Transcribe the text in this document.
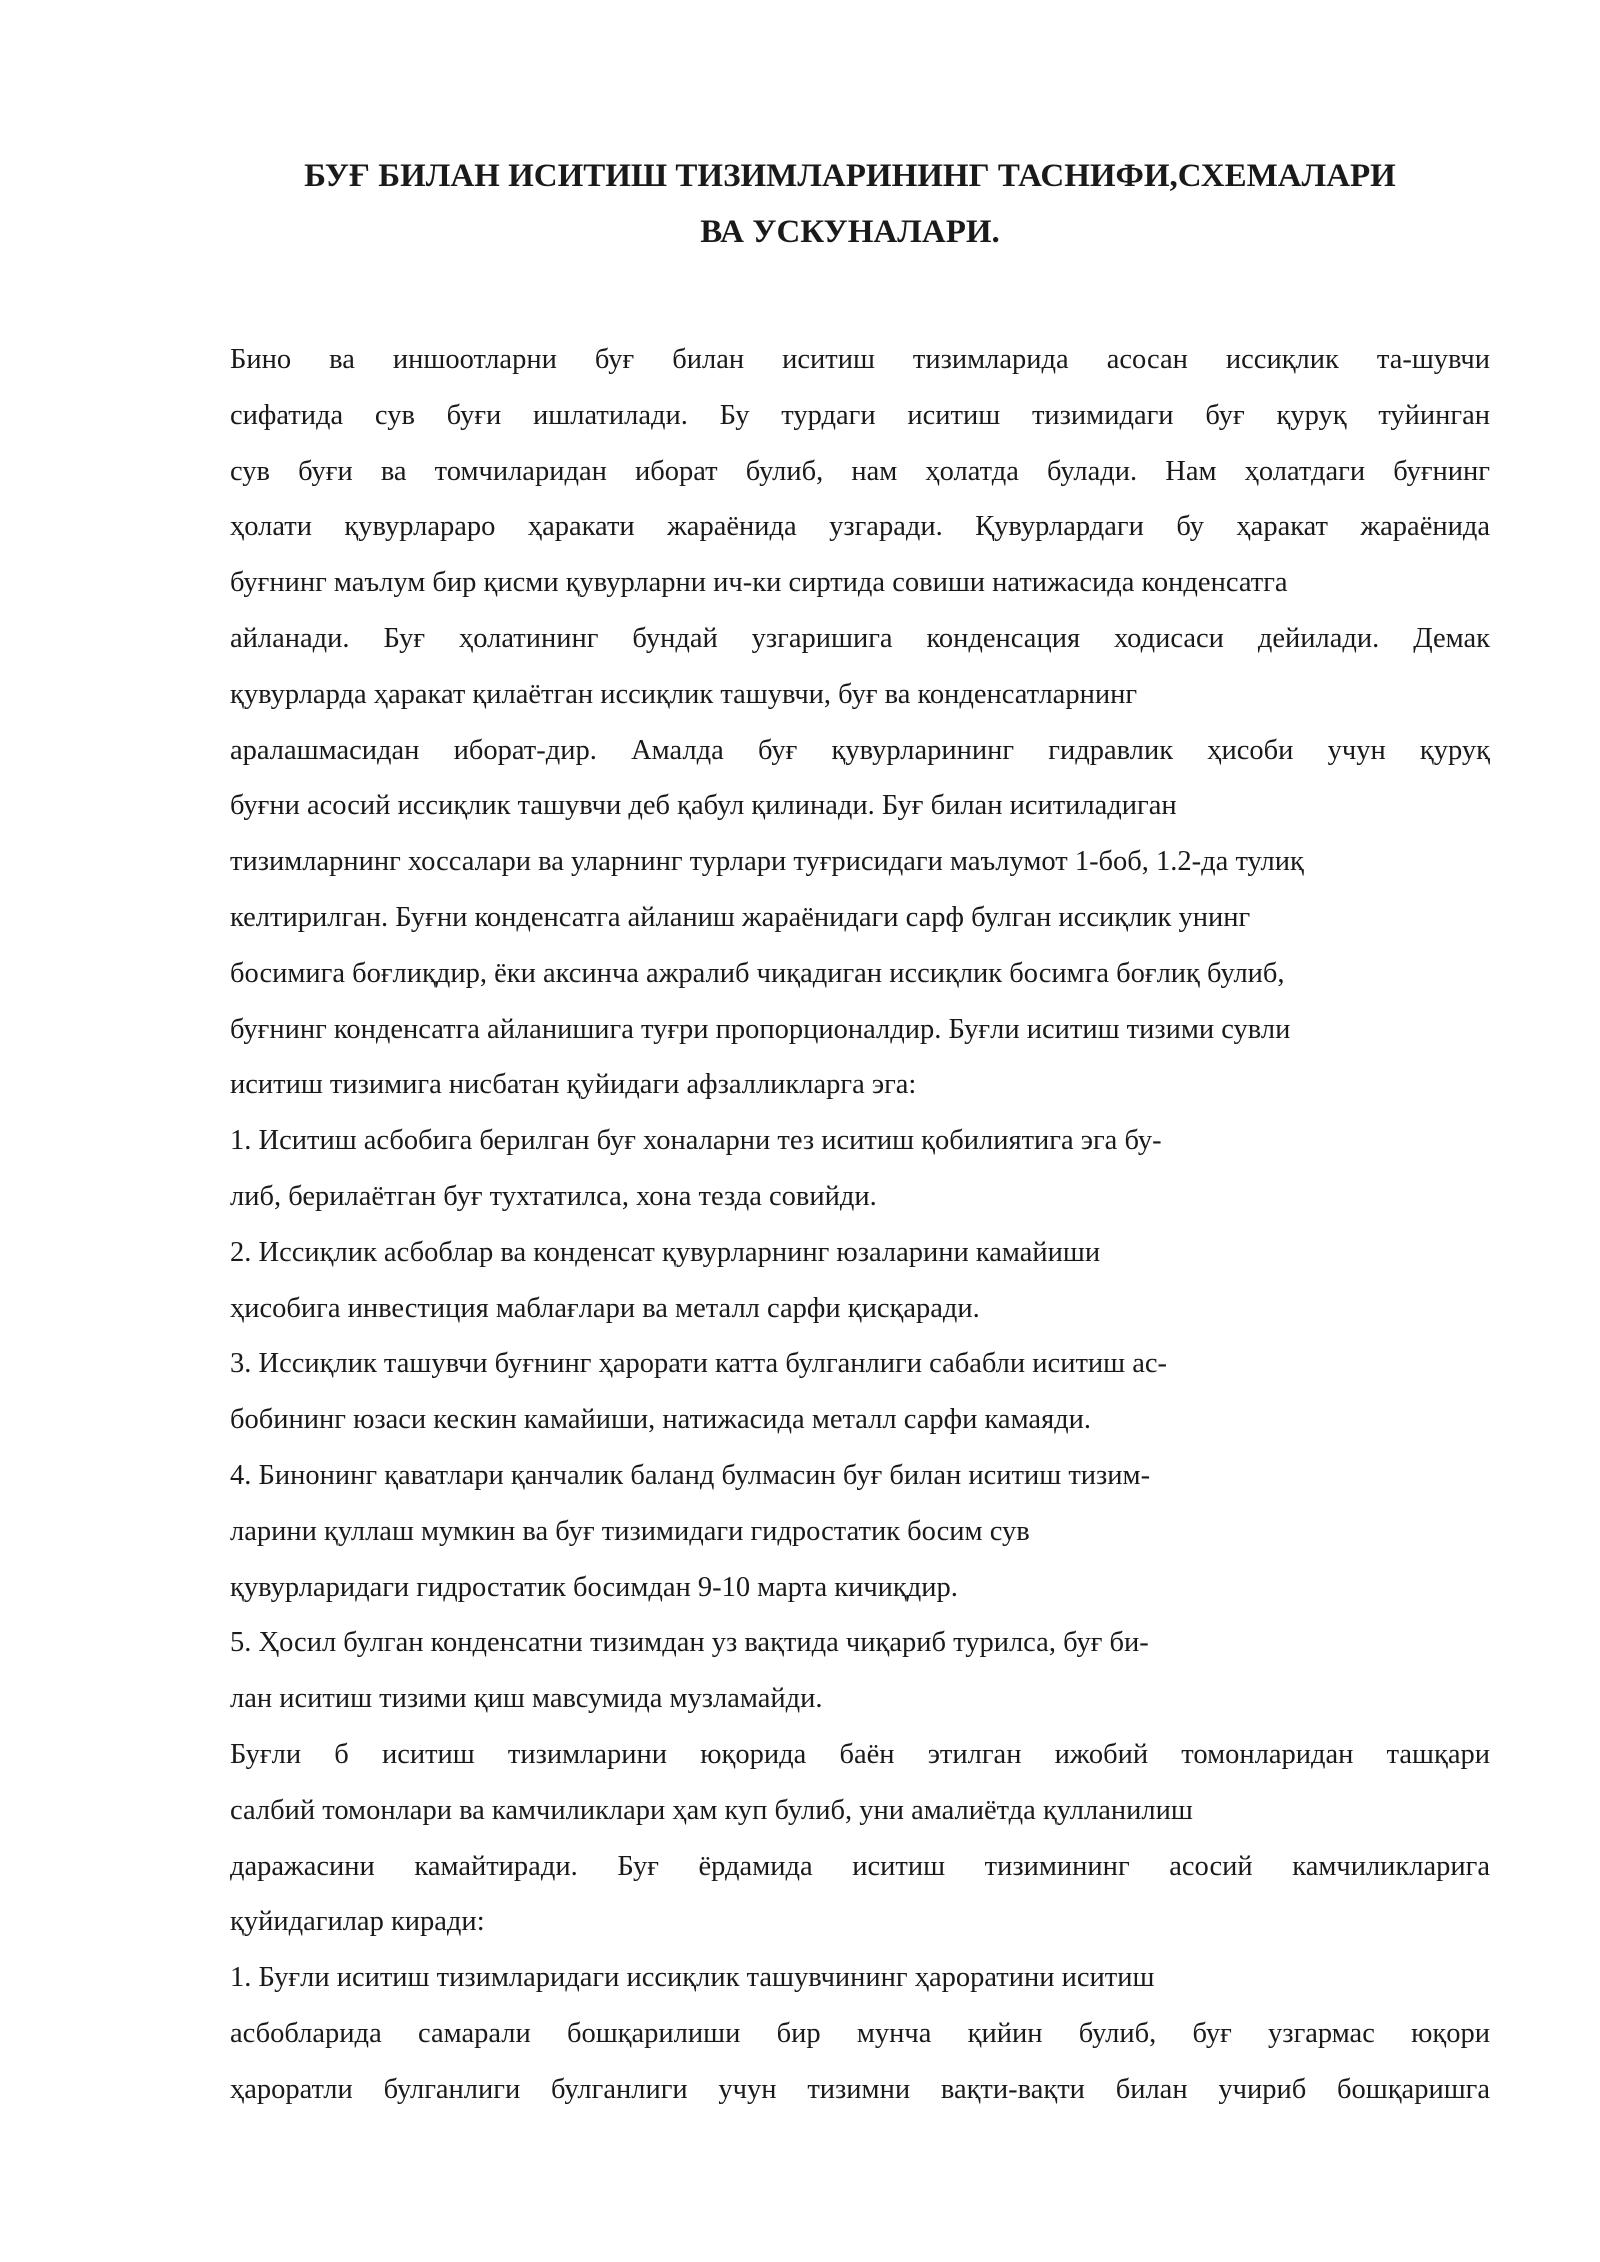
БУҒ БИЛАН ИСИТИШ ТИЗИМЛАРИНИНГ ТАСНИФИ,СХЕМАЛАРИ
ВА УСКУНАЛАРИ.
Бино ва иншоотларни буғ билан иситиш тизимларида асосан иссиқлик та-шувчи
сифатида сув буғи ишлатилади. Бу турдаги иситиш тизимидаги буғ қуруқ туйинган
сув буғи ва томчиларидан иборат булиб, нам ҳолатда булади. Нам ҳолатдаги буғнинг
ҳолати қувурлараро ҳаракати жараёнида узгаради. Қувурлардаги бу ҳаракат жараёнида
буғнинг маълум бир қисми қувурларни ич-ки сиртида совиши натижасида конденсатга
айланади. Буғ ҳолатининг бундай узгаришига конденсация ходисаси дейилади. Демак
қувурларда ҳаракат қилаётган иссиқлик ташувчи, буғ ва конденсатларнинг
аралашмасидан иборат-дир. Амалда буғ қувурларининг гидравлик ҳисоби учун қуруқ
буғни асосий иссиқлик ташувчи деб қабул қилинади. Буғ билан иситиладиган
тизимларнинг хоссалари ва уларнинг турлари туғрисидаги маълумот 1-боб, 1.2-да тулиқ
келтирилган. Буғни конденсатга айланиш жараёнидаги сарф булган иссиқлик унинг
босимига боғлиқдир, ёки аксинча ажралиб чиқадиган иссиқлик босимга боғлиқ булиб,
буғнинг конденсатга айланишига туғри пропорционалдир. Буғли иситиш тизими сувли
иситиш тизимига нисбатан қуйидаги афзалликларга эга:
1. Иситиш асбобига берилган буғ хоналарни тез иситиш қобилиятига эга бу-
либ, берилаётган буғ тухтатилса, хона тезда совийди.
2. Иссиқлик асбоблар ва конденсат қувурларнинг юзаларини камайиши
ҳисобига инвестиция маблағлари ва металл сарфи қисқаради.
3. Иссиқлик ташувчи буғнинг ҳарорати катта булганлиги сабабли иситиш ас-
бобининг юзаси кескин камайиши, натижасида металл сарфи камаяди.
4. Бинонинг қаватлари қанчалик баланд булмасин буғ билан иситиш тизим-
ларини қуллаш мумкин ва буғ тизимидаги гидростатик босим сув
қувурларидаги гидростатик босимдан 9-10 марта кичиқдир.
5. Ҳосил булган конденсатни тизимдан уз вақтида чиқариб турилса, буғ би-
лан иситиш тизими қиш мавсумида музламайди.
Буғли б иситиш тизимларини юқорида баён этилган ижобий томонларидан ташқари
салбий томонлари ва камчиликлари ҳам куп булиб, уни амалиётда қулланилиш
даражасини камайтиради. Буғ ёрдамида иситиш тизимининг асосий камчиликларига
қуйидагилар киради:
1. Буғли иситиш тизимларидаги иссиқлик ташувчининг ҳароратини иситиш
асбобларида самарали бошқарилиши бир мунча қийин булиб, буғ узгармас юқори
ҳароратли булганлиги булганлиги учун тизимни вақти-вақти билан учириб бошқаришга
